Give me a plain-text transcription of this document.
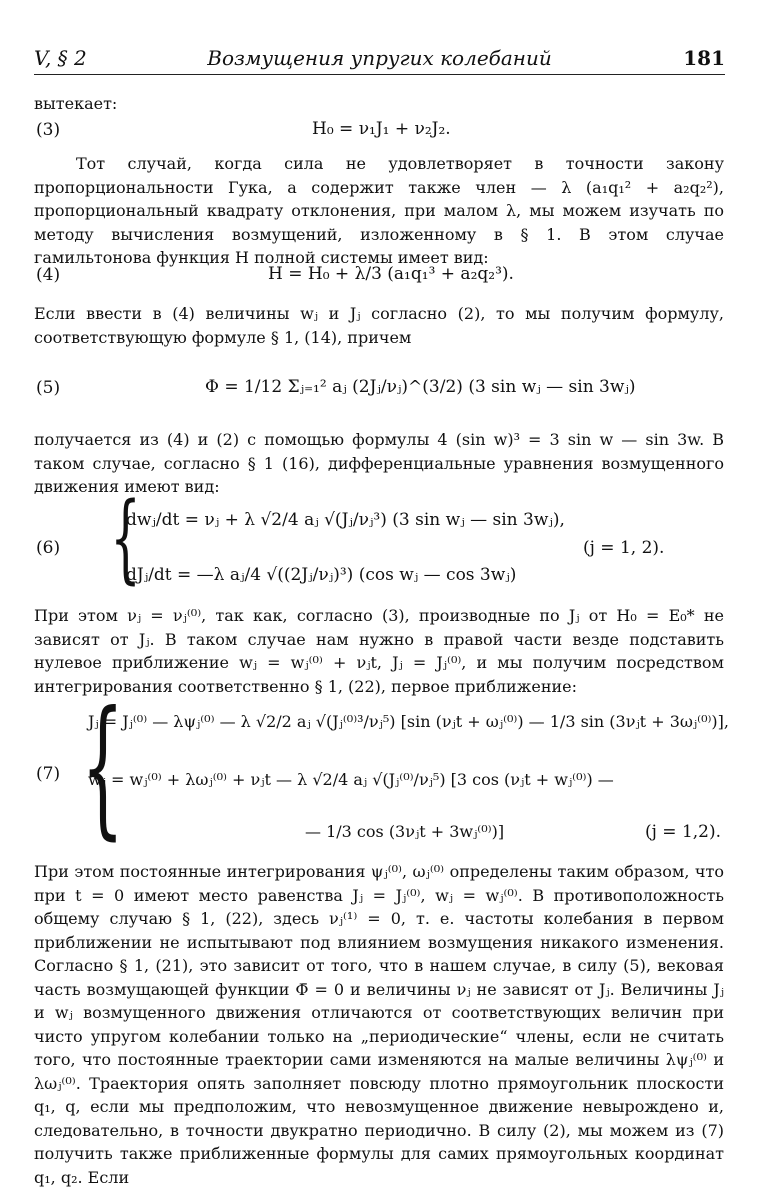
V, § 2	Возмущения упругих колебаний	181
вытекает:
(3)	H₀ = ν₁J₁ + ν₂J₂.
Тот случай, когда сила не удовлетворяет в точности закону пропорциональности Гука, а содержит также член — λ (a₁q₁² + a₂q₂²), пропорциональный квадрату отклонения, при малом λ, мы можем изучать по методу вычисления возмущений, изложенному в § 1. В этом случае гамильтонова функция H полной системы имеет вид:
(4)	H = H₀ + λ/3 (a₁q₁³ + a₂q₂³).
Если ввести в (4) величины wⱼ и Jⱼ согласно (2), то мы получим формулу, соответствующую формуле § 1, (14), причем
(5)	Φ = 1/12 Σⱼ₌₁² aⱼ (2Jⱼ/νⱼ)^(3/2) (3 sin wⱼ — sin 3wⱼ)
получается из (4) и (2) с помощью формулы 4 (sin w)³ = 3 sin w — sin 3w. В таком случае, согласно § 1 (16), дифференциальные уравнения возмущенного движения имеют вид:
(6) {
dwⱼ/dt = νⱼ + λ √2/4 aⱼ √(Jⱼ/νⱼ³) (3 sin wⱼ — sin 3wⱼ),
dJⱼ/dt = —λ aⱼ/4 √((2Jⱼ/νⱼ)³) (cos wⱼ — cos 3wⱼ)
(j = 1, 2).
При этом νⱼ = νⱼ⁽⁰⁾, так как, согласно (3), производные по Jⱼ от H₀ = E₀* не зависят от Jⱼ. В таком случае нам нужно в правой части везде подставить нулевое приближение wⱼ = wⱼ⁽⁰⁾ + νⱼt, Jⱼ = Jⱼ⁽⁰⁾, и мы получим посредством интегрирования соответственно § 1, (22), первое приближение:
(7) {
Jⱼ = Jⱼ⁽⁰⁾ — λψⱼ⁽⁰⁾ — λ √2/2 aⱼ √(Jⱼ⁽⁰⁾³/νⱼ⁵) [sin (νⱼt + ωⱼ⁽⁰⁾) — 1/3 sin (3νⱼt + 3ωⱼ⁽⁰⁾)],
wⱼ = wⱼ⁽⁰⁾ + λωⱼ⁽⁰⁾ + νⱼt — λ √2/4 aⱼ √(Jⱼ⁽⁰⁾/νⱼ⁵) [3 cos (νⱼt + wⱼ⁽⁰⁾) —
— 1/3 cos (3νⱼt + 3wⱼ⁽⁰⁾)]	(j = 1,2).
При этом постоянные интегрирования ψⱼ⁽⁰⁾, ωⱼ⁽⁰⁾ определены таким образом, что при t = 0 имеют место равенства Jⱼ = Jⱼ⁽⁰⁾, wⱼ = wⱼ⁽⁰⁾. В противоположность общему случаю § 1, (22), здесь νⱼ⁽¹⁾ = 0, т. е. частоты колебания в первом приближении не испытывают под влиянием возмущения никакого изменения. Согласно § 1, (21), это зависит от того, что в нашем случае, в силу (5), вековая часть возмущающей функции Φ̄ = 0 и величины νⱼ не зависят от Jⱼ. Величины Jⱼ и wⱼ возмущенного движения отличаются от соответствующих величин при чисто упругом колебании только на „периодические“ члены, если не считать того, что постоянные траектории сами изменяются на малые величины λψⱼ⁽⁰⁾ и λωⱼ⁽⁰⁾. Траектория опять заполняет повсюду плотно прямоугольник плоскости q₁, q, если мы предположим, что невозмущенное движение невырождено и, следовательно, в точности двукратно периодично. В силу (2), мы можем из (7) получить также приближенные формулы для самих прямоугольных координат q₁, q₂. Если
